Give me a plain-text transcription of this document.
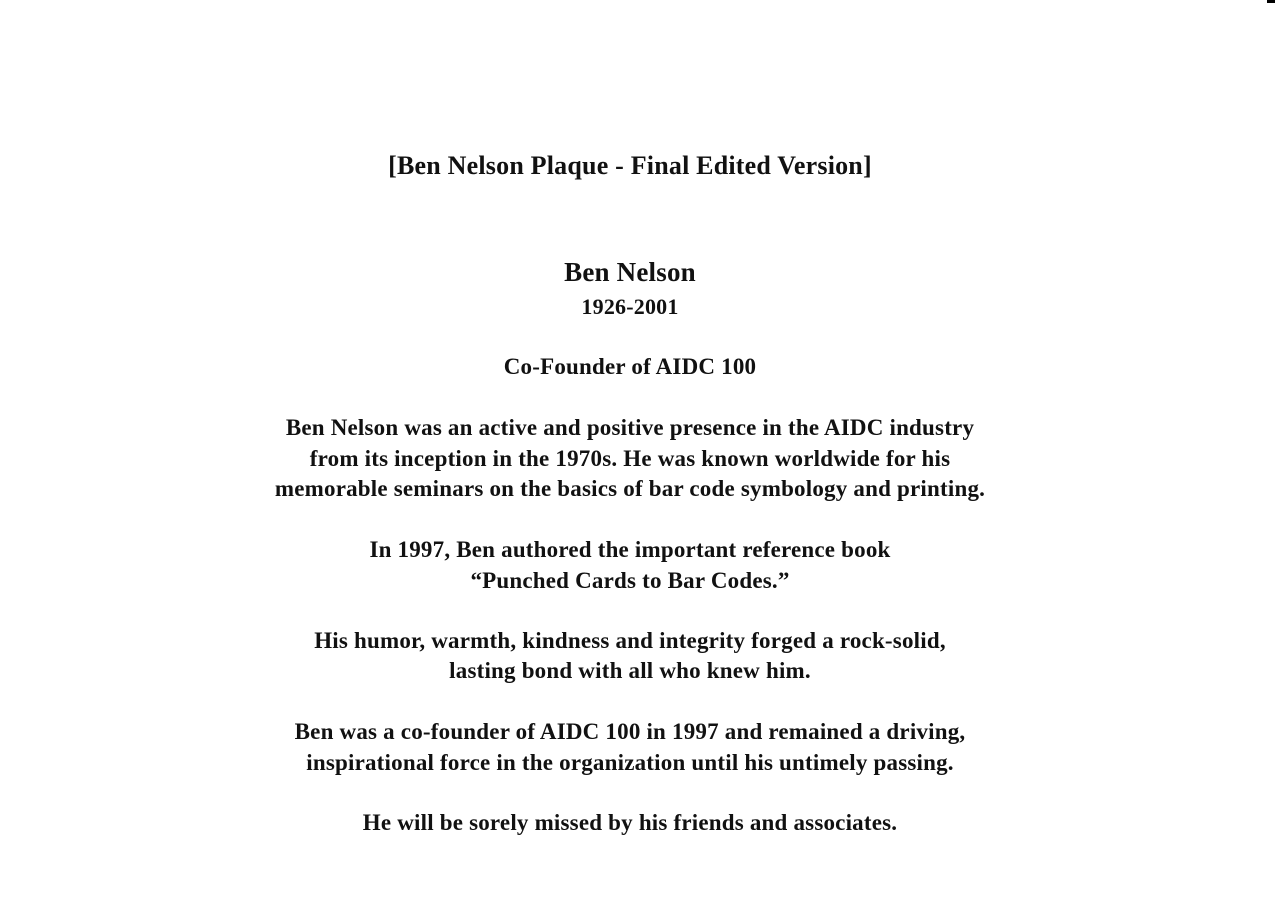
[Ben Nelson Plaque - Final Edited Version]
Ben Nelson
1926-2001
Co-Founder of AIDC 100
Ben Nelson was an active and positive presence in the AIDC industry
from its inception in the 1970s. He was known worldwide for his
memorable seminars on the basics of bar code symbology and printing.
In 1997, Ben authored the important reference book
“Punched Cards to Bar Codes.”
His humor, warmth, kindness and integrity forged a rock-solid,
lasting bond with all who knew him.
Ben was a co-founder of AIDC 100 in 1997 and remained a driving,
inspirational force in the organization until his untimely passing.
He will be sorely missed by his friends and associates.
